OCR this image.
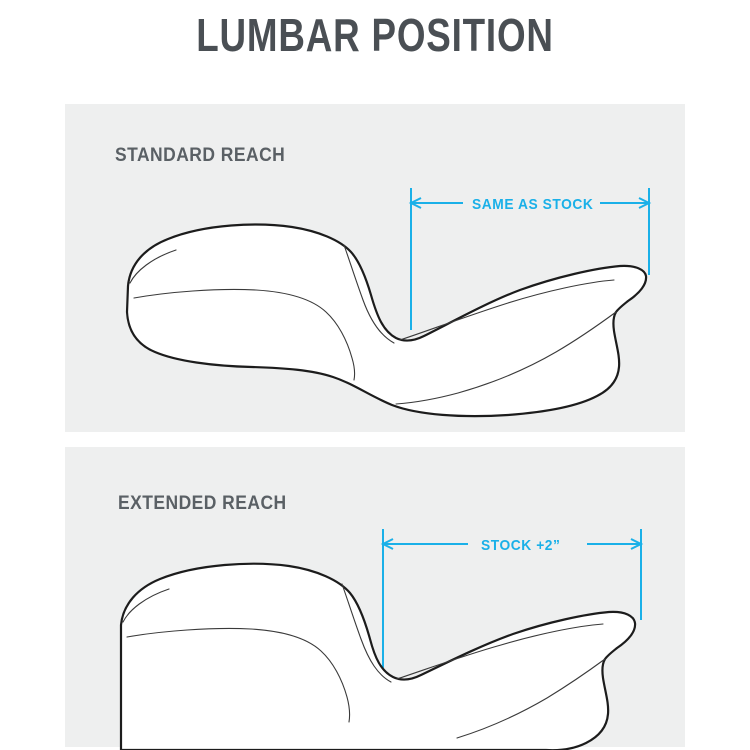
LUMBAR POSITION
STANDARD REACH
EXTENDED REACH
SAME AS STOCK
STOCK +2”
